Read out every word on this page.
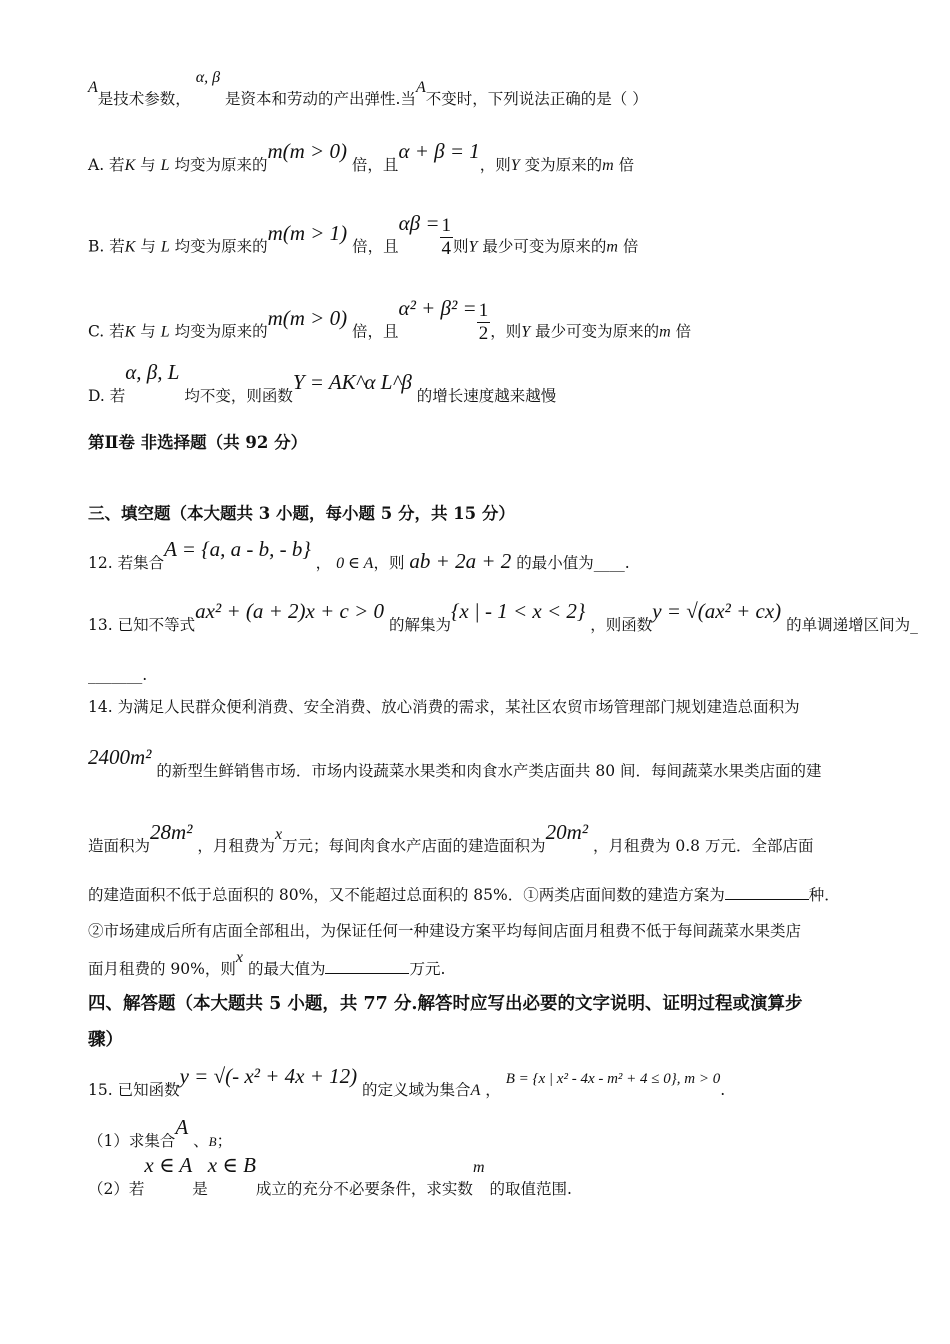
A是技术参数， α, β 是资本和劳动的产出弹性.当A不变时，下列说法正确的是（ ）
A. 若K 与 L 均变为原来的m(m > 0) 倍，且α + β = 1，则Y 变为原来的m 倍
B. 若K 与 L 均变为原来的m(m > 1) 倍，且$\alpha\beta = \frac{1}{4}$ 则Y 最少可变为原来的m 倍
C. 若K 与 L 均变为原来的m(m > 0) 倍，且$\alpha^2 + \beta^2 = \frac{1}{2}$ ，则Y 最少可变为原来的m 倍
D. 若α, β, L 均不变，则函数Y = AK^α L^β 的增长速度越来越慢
第Ⅱ卷 非选择题（共 92 分）
三、填空题（本大题共 3 小题，每小题 5 分，共 15 分）
12. 若集合A = {a, a - b, - b} ， 0 ∈ A，则 ab + 2a + 2 的最小值为____.
13. 已知不等式ax² + (a + 2)x + c > 0 的解集为{x | - 1 < x < 2} ，则函数y = √(ax² + cx) 的单调递增区间为_
_______.
14. 为满足人民群众便利消费、安全消费、放心消费的需求，某社区农贸市场管理部门规划建造总面积为
2400m² 的新型生鲜销售市场．市场内设蔬菜水果类和肉食水产类店面共 80 间．每间蔬菜水果类店面的建
造面积为28m² ，月租费为x万元；每间肉食水产店面的建造面积为20m² ，月租费为 0.8 万元．全部店面
的建造面积不低于总面积的 80%，又不能超过总面积的 85%．①两类店面间数的建造方案为	种．
②市场建成后所有店面全部租出，为保证任何一种建设方案平均每间店面月租费不低于每间蔬菜水果类店
面月租费的 90%，则x 的最大值为	万元.
四、解答题（本大题共 5 小题，共 77 分.解答时应写出必要的文字说明、证明过程或演算步
骤）
15. 已知函数y = √(- x² + 4x + 12) 的定义域为集合A ， B = {x | x² - 4x - m² + 4 ≤ 0}, m > 0.
（1）求集合A 、B；
（2）若x ∈ A是x ∈ B成立的充分不必要条件，求实数m 的取值范围.
